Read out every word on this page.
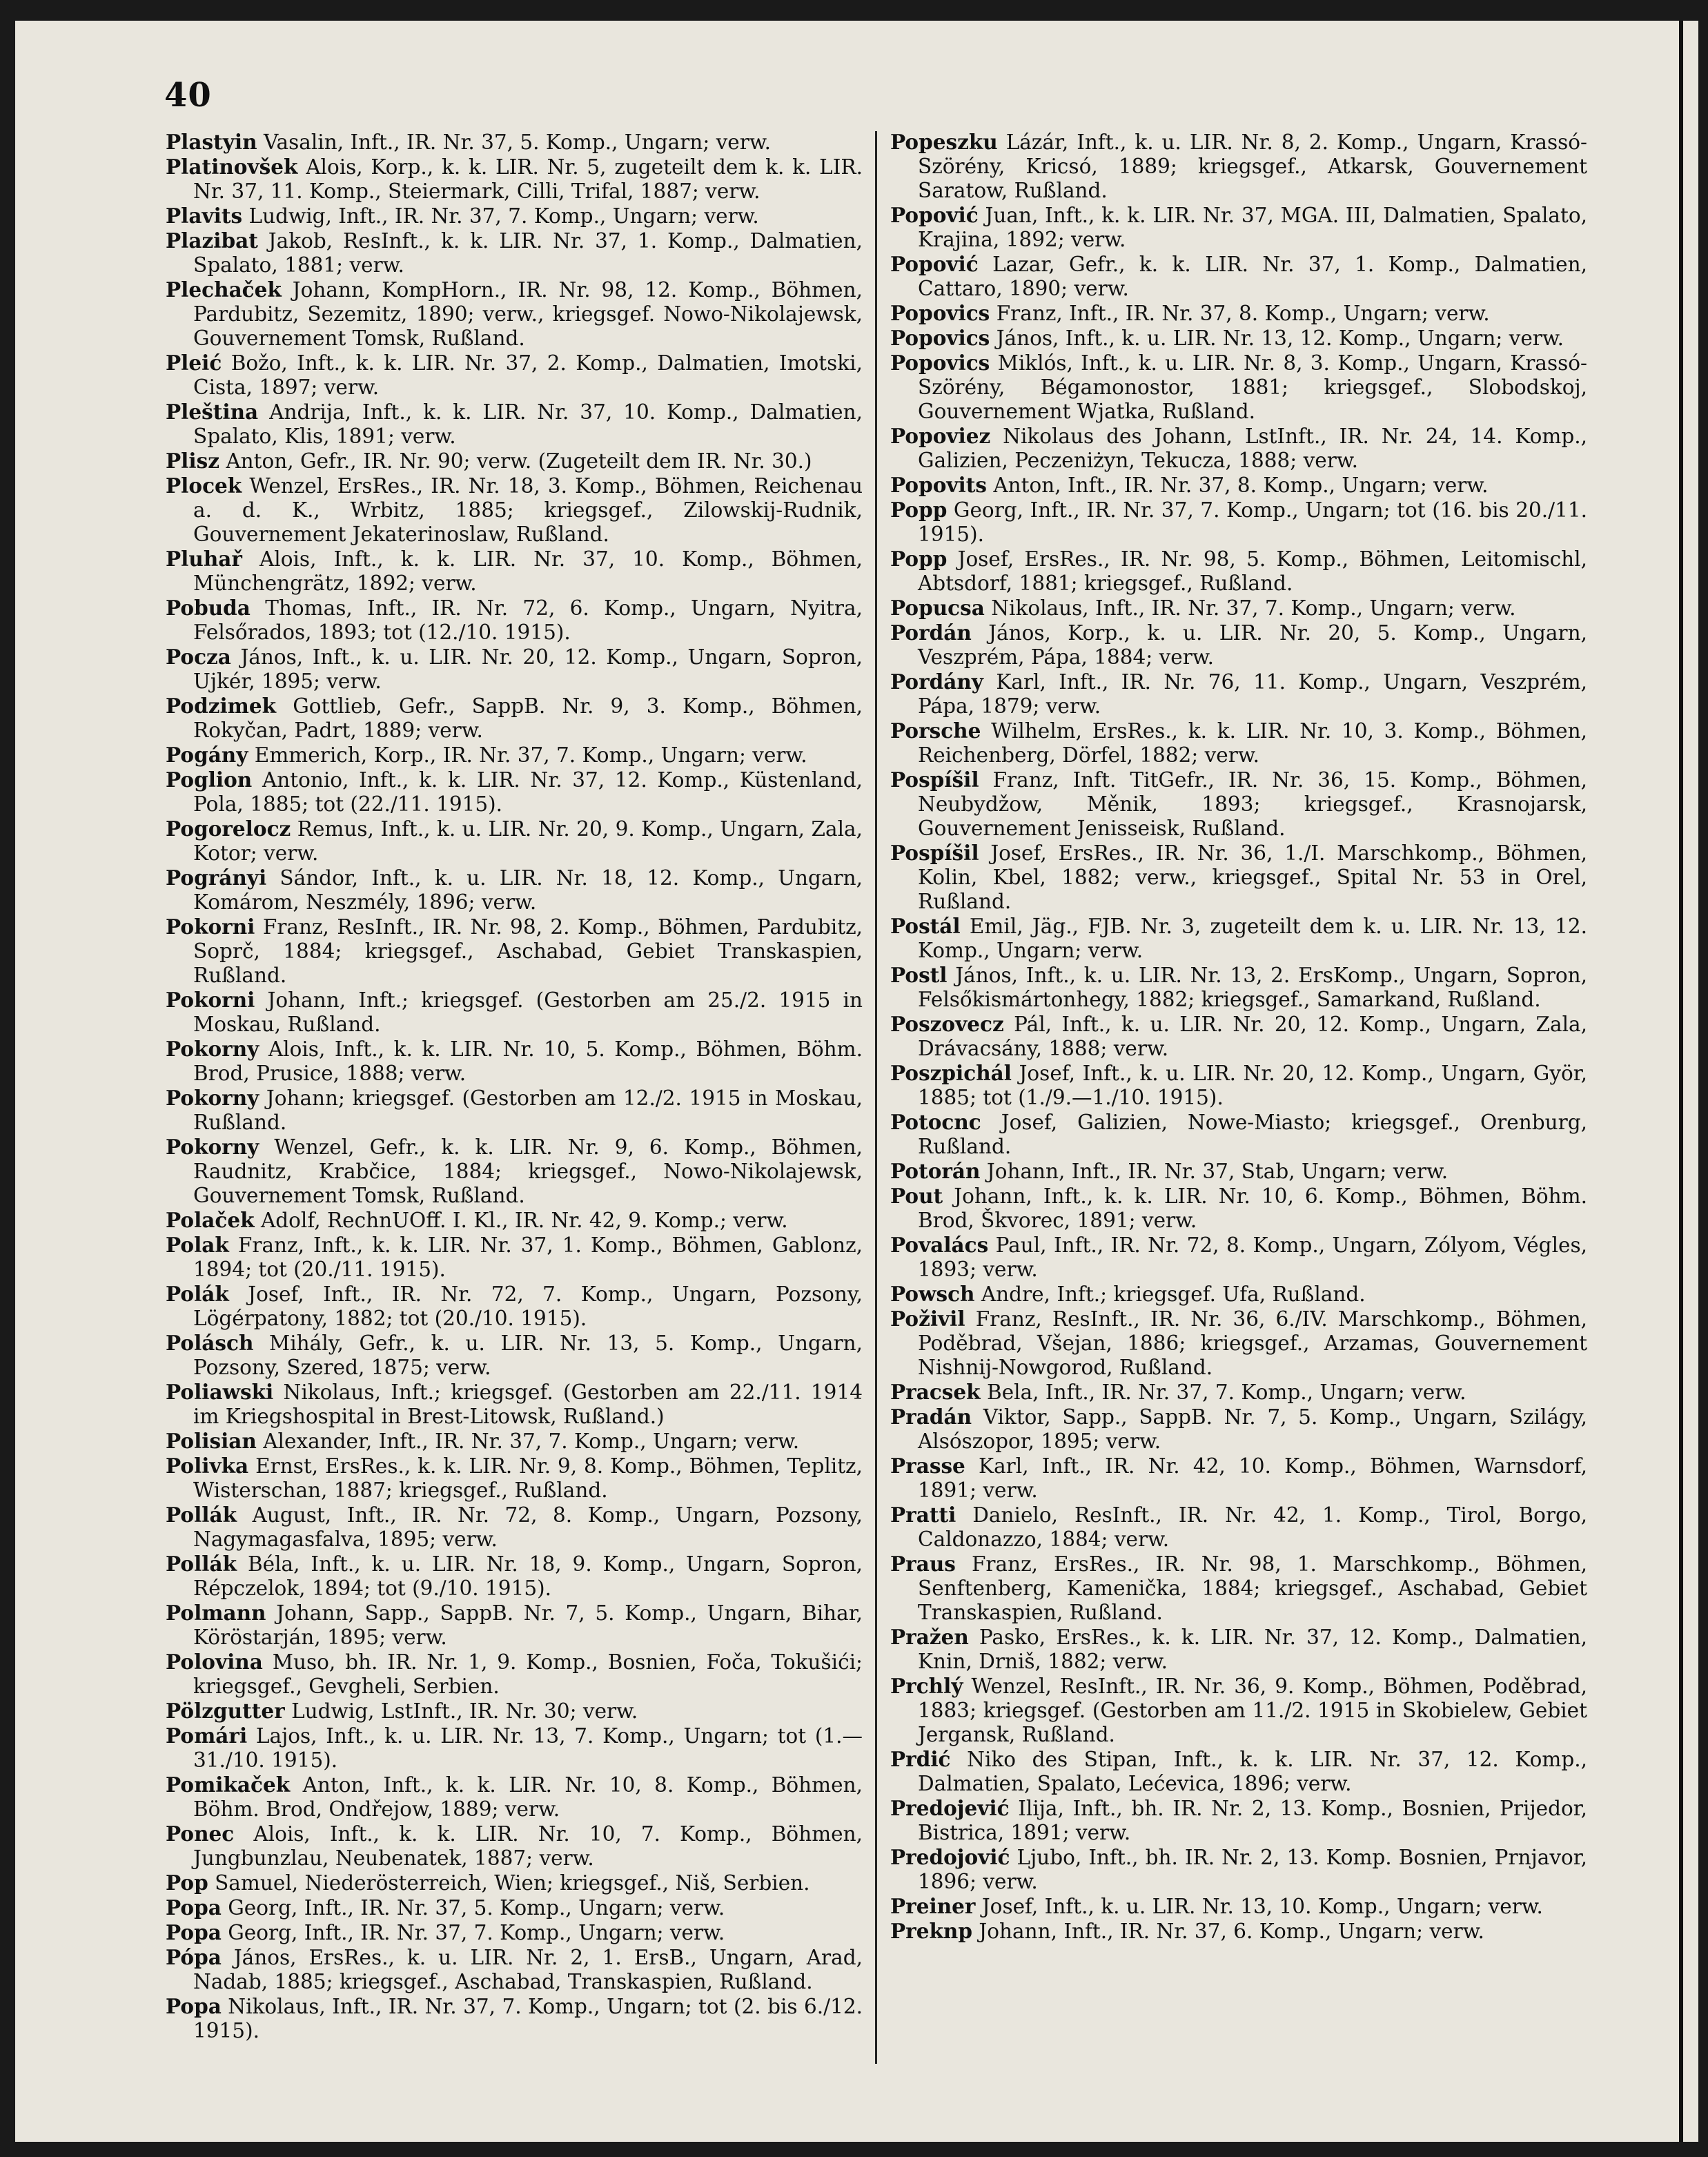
40

Plastyin Vasalin, Inft., IR. Nr. 37, 5. Komp., Ungarn; verw.

Platinovšek Alois, Korp., k. k. LIR. Nr. 5, zugeteilt dem k. k. LIR. Nr. 37, 11. Komp., Steiermark, Cilli, Trifal, 1887; verw.

Plavits Ludwig, Inft., IR. Nr. 37, 7. Komp., Ungarn; verw.

Plazibat Jakob, ResInft., k. k. LIR. Nr. 37, 1. Komp., Dalmatien, Spalato, 1881; verw.

Plechaček Johann, KompHorn., IR. Nr. 98, 12. Komp., Böhmen, Pardubitz, Sezemitz, 1890; verw., kriegsgef. Nowo-Nikolajewsk, Gouvernement Tomsk, Rußland.

Pleić Božo, Inft., k. k. LIR. Nr. 37, 2. Komp., Dalmatien, Imotski, Cista, 1897; verw.

Pleština Andrija, Inft., k. k. LIR. Nr. 37, 10. Komp., Dalmatien, Spalato, Klis, 1891; verw.

Plisz Anton, Gefr., IR. Nr. 90; verw. (Zugeteilt dem IR. Nr. 30.)

Plocek Wenzel, ErsRes., IR. Nr. 18, 3. Komp., Böhmen, Reichenau a. d. K., Wrbitz, 1885; kriegsgef., Zilowskij-Rudnik, Gouvernement Jekaterinoslaw, Rußland.

Pluhař Alois, Inft., k. k. LIR. Nr. 37, 10. Komp., Böhmen, Münchengrätz, 1892; verw.

Pobuda Thomas, Inft., IR. Nr. 72, 6. Komp., Ungarn, Nyitra, Felsőrados, 1893; tot (12./10. 1915).

Pocza János, Inft., k. u. LIR. Nr. 20, 12. Komp., Ungarn, Sopron, Ujkér, 1895; verw.

Podzimek Gottlieb, Gefr., SappB. Nr. 9, 3. Komp., Böhmen, Rokyčan, Padrt, 1889; verw.

Pogány Emmerich, Korp., IR. Nr. 37, 7. Komp., Ungarn; verw.

Poglion Antonio, Inft., k. k. LIR. Nr. 37, 12. Komp., Küstenland, Pola, 1885; tot (22./11. 1915).

Pogorelocz Remus, Inft., k. u. LIR. Nr. 20, 9. Komp., Ungarn, Zala, Kotor; verw.

Pogrányi Sándor, Inft., k. u. LIR. Nr. 18, 12. Komp., Ungarn, Komárom, Neszmély, 1896; verw.

Pokorni Franz, ResInft., IR. Nr. 98, 2. Komp., Böhmen, Pardubitz, Soprč, 1884; kriegsgef., Aschabad, Gebiet Transkaspien, Rußland.

Pokorni Johann, Inft.; kriegsgef. (Gestorben am 25./2. 1915 in Moskau, Rußland.

Pokorny Alois, Inft., k. k. LIR. Nr. 10, 5. Komp., Böhmen, Böhm. Brod, Prusice, 1888; verw.

Pokorny Johann; kriegsgef. (Gestorben am 12./2. 1915 in Moskau, Rußland.

Pokorny Wenzel, Gefr., k. k. LIR. Nr. 9, 6. Komp., Böhmen, Raudnitz, Krabčice, 1884; kriegsgef., Nowo-Nikolajewsk, Gouvernement Tomsk, Rußland.

Polaček Adolf, RechnUOff. I. Kl., IR. Nr. 42, 9. Komp.; verw.

Polak Franz, Inft., k. k. LIR. Nr. 37, 1. Komp., Böhmen, Gablonz, 1894; tot (20./11. 1915).

Polák Josef, Inft., IR. Nr. 72, 7. Komp., Ungarn, Pozsony, Lögérpatony, 1882; tot (20./10. 1915).

Polásch Mihály, Gefr., k. u. LIR. Nr. 13, 5. Komp., Ungarn, Pozsony, Szered, 1875; verw.

Poliawski Nikolaus, Inft.; kriegsgef. (Gestorben am 22./11. 1914 im Kriegshospital in Brest-Litowsk, Rußland.)

Polisian Alexander, Inft., IR. Nr. 37, 7. Komp., Ungarn; verw.

Polivka Ernst, ErsRes., k. k. LIR. Nr. 9, 8. Komp., Böhmen, Teplitz, Wisterschan, 1887; kriegsgef., Rußland.

Pollák August, Inft., IR. Nr. 72, 8. Komp., Ungarn, Pozsony, Nagymagasfalva, 1895; verw.

Pollák Béla, Inft., k. u. LIR. Nr. 18, 9. Komp., Ungarn, Sopron, Répczelok, 1894; tot (9./10. 1915).

Polmann Johann, Sapp., SappB. Nr. 7, 5. Komp., Ungarn, Bihar, Köröstarján, 1895; verw.

Polovina Muso, bh. IR. Nr. 1, 9. Komp., Bosnien, Foča, Tokušići; kriegsgef., Gevgheli, Serbien.

Pölzgutter Ludwig, LstInft., IR. Nr. 30; verw.

Pomári Lajos, Inft., k. u. LIR. Nr. 13, 7. Komp., Ungarn; tot (1.—31./10. 1915).

Pomikaček Anton, Inft., k. k. LIR. Nr. 10, 8. Komp., Böhmen, Böhm. Brod, Ondřejow, 1889; verw.

Ponec Alois, Inft., k. k. LIR. Nr. 10, 7. Komp., Böhmen, Jungbunzlau, Neubenatek, 1887; verw.

Pop Samuel, Niederösterreich, Wien; kriegsgef., Niš, Serbien.

Popa Georg, Inft., IR. Nr. 37, 5. Komp., Ungarn; verw.

Popa Georg, Inft., IR. Nr. 37, 7. Komp., Ungarn; verw.

Pópa János, ErsRes., k. u. LIR. Nr. 2, 1. ErsB., Ungarn, Arad, Nadab, 1885; kriegsgef., Aschabad, Transkaspien, Rußland.

Popa Nikolaus, Inft., IR. Nr. 37, 7. Komp., Ungarn; tot (2. bis 6./12. 1915).

Popeszku Lázár, Inft., k. u. LIR. Nr. 8, 2. Komp., Ungarn, Krassó-Szörény, Kricsó, 1889; kriegsgef., Atkarsk, Gouvernement Saratow, Rußland.

Popović Juan, Inft., k. k. LIR. Nr. 37, MGA. III, Dalmatien, Spalato, Krajina, 1892; verw.

Popović Lazar, Gefr., k. k. LIR. Nr. 37, 1. Komp., Dalmatien, Cattaro, 1890; verw.

Popovics Franz, Inft., IR. Nr. 37, 8. Komp., Ungarn; verw.

Popovics János, Inft., k. u. LIR. Nr. 13, 12. Komp., Ungarn; verw.

Popovics Miklós, Inft., k. u. LIR. Nr. 8, 3. Komp., Ungarn, Krassó-Szörény, Bégamonostor, 1881; kriegsgef., Slobodskoj, Gouvernement Wjatka, Rußland.

Popoviez Nikolaus des Johann, LstInft., IR. Nr. 24, 14. Komp., Galizien, Peczeniżyn, Tekucza, 1888; verw.

Popovits Anton, Inft., IR. Nr. 37, 8. Komp., Ungarn; verw.

Popp Georg, Inft., IR. Nr. 37, 7. Komp., Ungarn; tot (16. bis 20./11. 1915).

Popp Josef, ErsRes., IR. Nr. 98, 5. Komp., Böhmen, Leitomischl, Abtsdorf, 1881; kriegsgef., Rußland.

Popucsa Nikolaus, Inft., IR. Nr. 37, 7. Komp., Ungarn; verw.

Pordán János, Korp., k. u. LIR. Nr. 20, 5. Komp., Ungarn, Veszprém, Pápa, 1884; verw.

Pordány Karl, Inft., IR. Nr. 76, 11. Komp., Ungarn, Veszprém, Pápa, 1879; verw.

Porsche Wilhelm, ErsRes., k. k. LIR. Nr. 10, 3. Komp., Böhmen, Reichenberg, Dörfel, 1882; verw.

Pospíšil Franz, Inft. TitGefr., IR. Nr. 36, 15. Komp., Böhmen, Neubydžow, Měnik, 1893; kriegsgef., Krasnojarsk, Gouvernement Jenisseisk, Rußland.

Pospíšil Josef, ErsRes., IR. Nr. 36, 1./I. Marschkomp., Böhmen, Kolin, Kbel, 1882; verw., kriegsgef., Spital Nr. 53 in Orel, Rußland.

Postál Emil, Jäg., FJB. Nr. 3, zugeteilt dem k. u. LIR. Nr. 13, 12. Komp., Ungarn; verw.

Postl János, Inft., k. u. LIR. Nr. 13, 2. ErsKomp., Ungarn, Sopron, Felsőkismártonhegy, 1882; kriegsgef., Samarkand, Rußland.

Poszovecz Pál, Inft., k. u. LIR. Nr. 20, 12. Komp., Ungarn, Zala, Drávacsány, 1888; verw.

Poszpichál Josef, Inft., k. u. LIR. Nr. 20, 12. Komp., Ungarn, Györ, 1885; tot (1./9.—1./10. 1915).

Potocnc Josef, Galizien, Nowe-Miasto; kriegsgef., Orenburg, Rußland.

Potorán Johann, Inft., IR. Nr. 37, Stab, Ungarn; verw.

Pout Johann, Inft., k. k. LIR. Nr. 10, 6. Komp., Böhmen, Böhm. Brod, Škvorec, 1891; verw.

Povalács Paul, Inft., IR. Nr. 72, 8. Komp., Ungarn, Zólyom, Végles, 1893; verw.

Powsch Andre, Inft.; kriegsgef. Ufa, Rußland.

Poživil Franz, ResInft., IR. Nr. 36, 6./IV. Marschkomp., Böhmen, Poděbrad, Všejan, 1886; kriegsgef., Arzamas, Gouvernement Nishnij-Nowgorod, Rußland.

Pracsek Bela, Inft., IR. Nr. 37, 7. Komp., Ungarn; verw.

Pradán Viktor, Sapp., SappB. Nr. 7, 5. Komp., Ungarn, Szilágy, Alsószopor, 1895; verw.

Prasse Karl, Inft., IR. Nr. 42, 10. Komp., Böhmen, Warnsdorf, 1891; verw.

Pratti Danielo, ResInft., IR. Nr. 42, 1. Komp., Tirol, Borgo, Caldonazzo, 1884; verw.

Praus Franz, ErsRes., IR. Nr. 98, 1. Marschkomp., Böhmen, Senftenberg, Kamenička, 1884; kriegsgef., Aschabad, Gebiet Transkaspien, Rußland.

Pražen Pasko, ErsRes., k. k. LIR. Nr. 37, 12. Komp., Dalmatien, Knin, Drniš, 1882; verw.

Prchlý Wenzel, ResInft., IR. Nr. 36, 9. Komp., Böhmen, Poděbrad, 1883; kriegsgef. (Gestorben am 11./2. 1915 in Skobielew, Gebiet Jergansk, Rußland.

Prdić Niko des Stipan, Inft., k. k. LIR. Nr. 37, 12. Komp., Dalmatien, Spalato, Lećevica, 1896; verw.

Predojević Ilija, Inft., bh. IR. Nr. 2, 13. Komp., Bosnien, Prijedor, Bistrica, 1891; verw.

Predojović Ljubo, Inft., bh. IR. Nr. 2, 13. Komp. Bosnien, Prnjavor, 1896; verw.

Preiner Josef, Inft., k. u. LIR. Nr. 13, 10. Komp., Ungarn; verw.

Preknp Johann, Inft., IR. Nr. 37, 6. Komp., Ungarn; verw.
